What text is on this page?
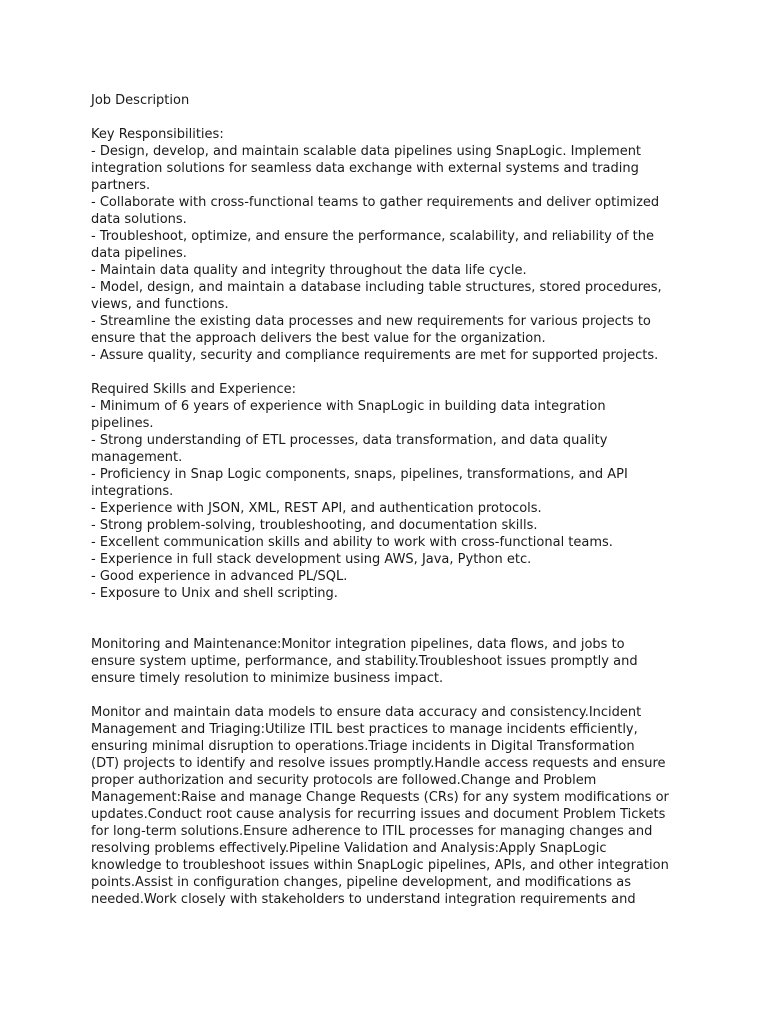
Job Description
Key Responsibilities:
- Design, develop, and maintain scalable data pipelines using SnapLogic. Implement
integration solutions for seamless data exchange with external systems and trading
partners.
- Collaborate with cross-functional teams to gather requirements and deliver optimized
data solutions.
- Troubleshoot, optimize, and ensure the performance, scalability, and reliability of the
data pipelines.
- Maintain data quality and integrity throughout the data life cycle.
- Model, design, and maintain a database including table structures, stored procedures,
views, and functions.
- Streamline the existing data processes and new requirements for various projects to
ensure that the approach delivers the best value for the organization.
- Assure quality, security and compliance requirements are met for supported projects.
Required Skills and Experience:
- Minimum of 6 years of experience with SnapLogic in building data integration
pipelines.
- Strong understanding of ETL processes, data transformation, and data quality
management.
- Proficiency in Snap Logic components, snaps, pipelines, transformations, and API
integrations.
- Experience with JSON, XML, REST API, and authentication protocols.
- Strong problem-solving, troubleshooting, and documentation skills.
- Excellent communication skills and ability to work with cross-functional teams.
- Experience in full stack development using AWS, Java, Python etc.
- Good experience in advanced PL/SQL.
- Exposure to Unix and shell scripting.
Monitoring and Maintenance:Monitor integration pipelines, data flows, and jobs to
ensure system uptime, performance, and stability.Troubleshoot issues promptly and
ensure timely resolution to minimize business impact.
Monitor and maintain data models to ensure data accuracy and consistency.Incident
Management and Triaging:Utilize ITIL best practices to manage incidents efficiently,
ensuring minimal disruption to operations.Triage incidents in Digital Transformation
(DT) projects to identify and resolve issues promptly.Handle access requests and ensure
proper authorization and security protocols are followed.Change and Problem
Management:Raise and manage Change Requests (CRs) for any system modifications or
updates.Conduct root cause analysis for recurring issues and document Problem Tickets
for long-term solutions.Ensure adherence to ITIL processes for managing changes and
resolving problems effectively.Pipeline Validation and Analysis:Apply SnapLogic
knowledge to troubleshoot issues within SnapLogic pipelines, APIs, and other integration
points.Assist in configuration changes, pipeline development, and modifications as
needed.Work closely with stakeholders to understand integration requirements and
